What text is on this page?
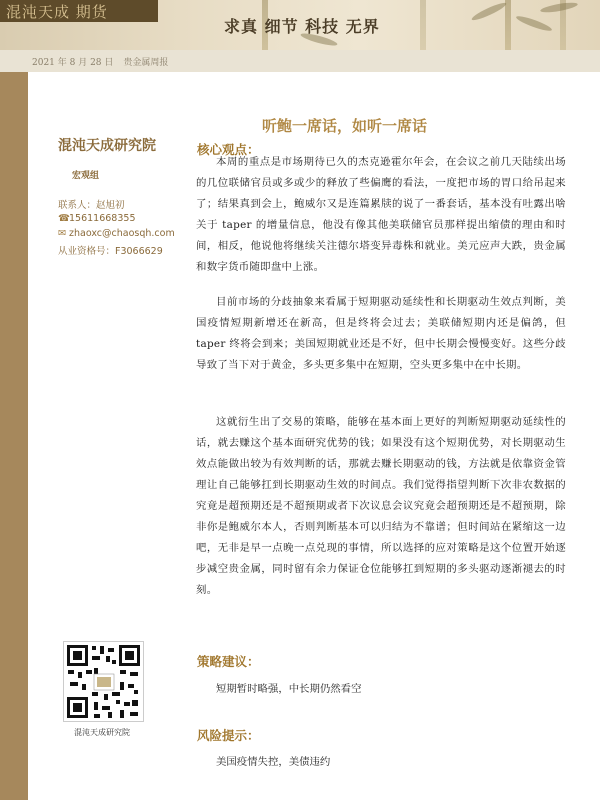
混沌天成 期货
求真 细节 科技 无界
2021 年 8 月 28 日 贵金属周报
混沌天成研究院
宏观组
联系人：赵旭初
☎15611668355
✉ zhaoxc@chaosqh.com
从业资格号：F3066629
听鲍一席话，如听一席话
核心观点：
本周的重点是市场期待已久的杰克逊霍尔年会，在会议之前几天陆续出场的几位联储官员或多或少的释放了些偏鹰的看法，一度把市场的胃口给吊起来了；结果真到会上，鲍威尔又是连篇累牍的说了一番套话，基本没有吐露出啥关于 taper 的增量信息，他没有像其他美联储官员那样提出缩债的理由和时间，相反，他说他将继续关注德尔塔变异毒株和就业。美元应声大跌，贵金属和数字货币随即盘中上涨。
目前市场的分歧抽象来看属于短期驱动延续性和长期驱动生效点判断，美国疫情短期新增还在新高，但是终将会过去；美联储短期内还是偏鸽，但 taper 终将会到来；美国短期就业还是不好，但中长期会慢慢变好。这些分歧导致了当下对于黄金，多头更多集中在短期，空头更多集中在中长期。
这就衍生出了交易的策略，能够在基本面上更好的判断短期驱动延续性的话，就去赚这个基本面研究优势的钱；如果没有这个短期优势，对长期驱动生效点能做出较为有效判断的话，那就去赚长期驱动的钱，方法就是依靠资金管理让自己能够扛到长期驱动生效的时间点。我们觉得指望判断下次非农数据的究竟是超预期还是不超预期或者下次议息会议究竟会超预期还是不超预期，除非你是鲍威尔本人，否则判断基本可以归结为不靠谱；但时间站在紧缩这一边吧，无非是早一点晚一点兑现的事情，所以选择的应对策略是这个位置开始逐步减空贵金属，同时留有余力保证仓位能够扛到短期的多头驱动逐渐褪去的时刻。
策略建议：
短期暂时略强，中长期仍然看空
风险提示：
美国疫情失控，美债违约
混沌天成研究院
